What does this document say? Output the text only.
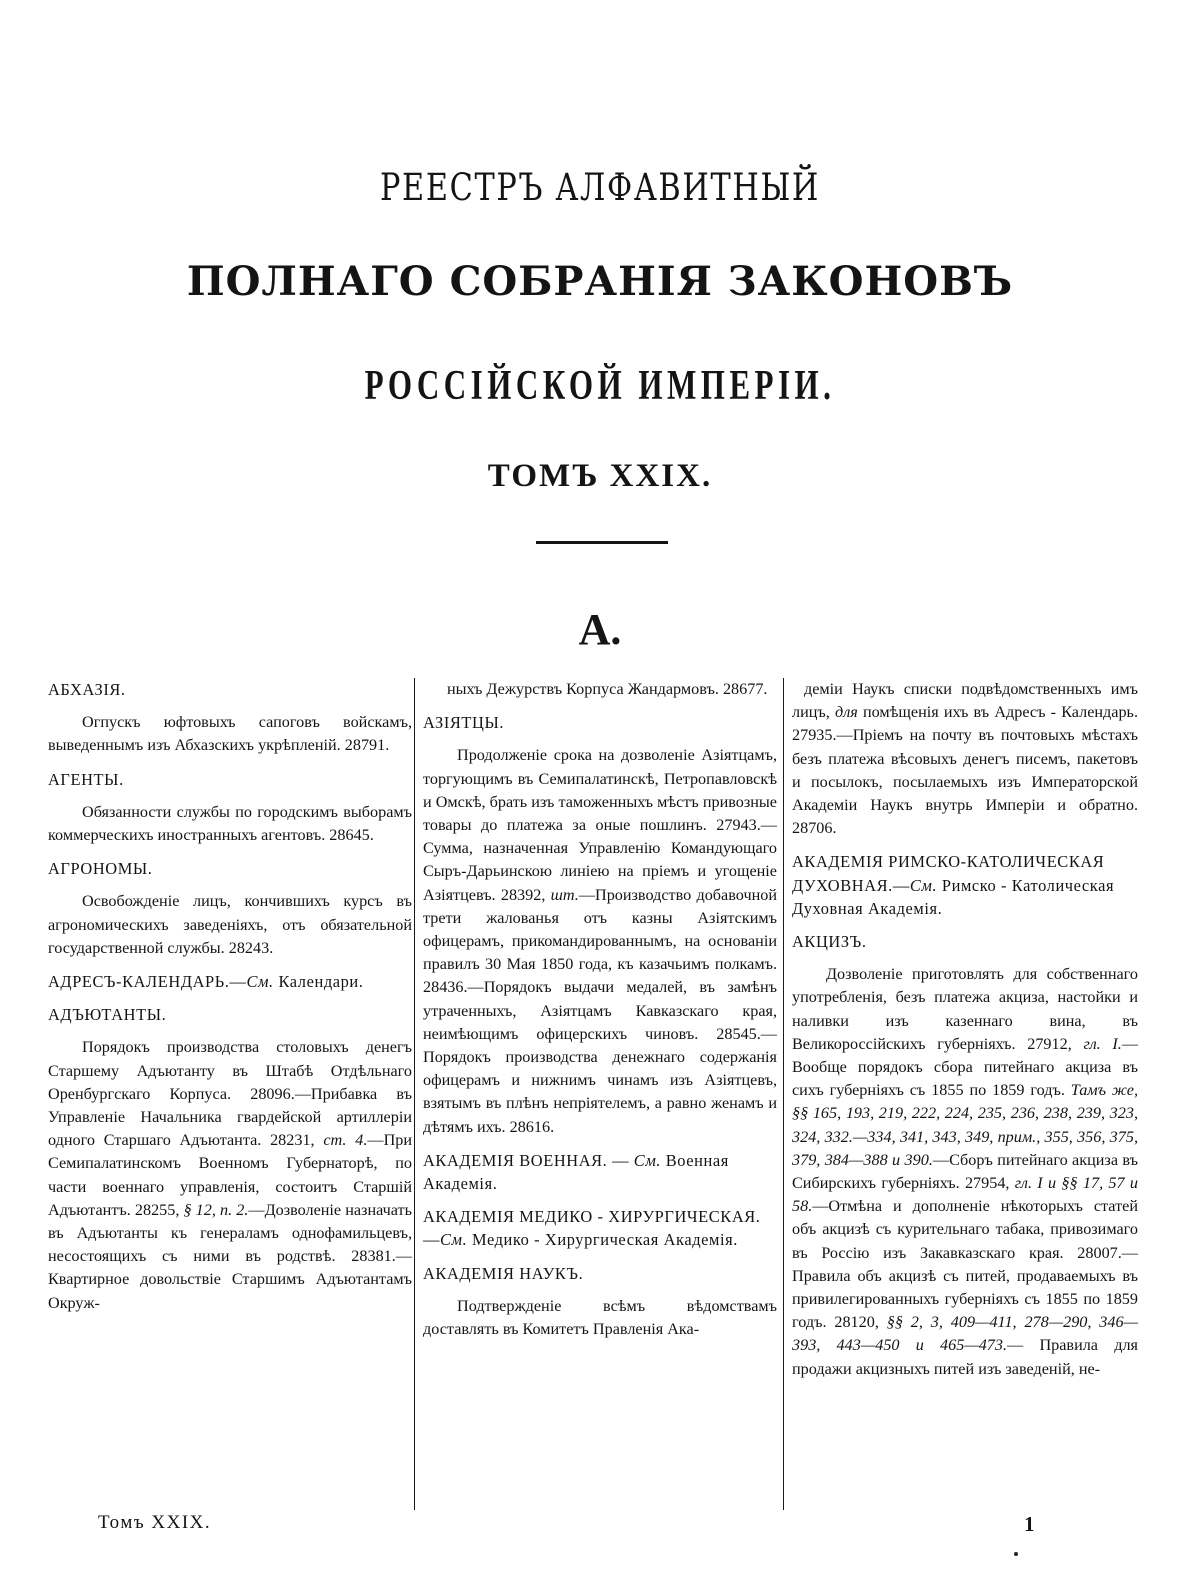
РЕЕСТРЪ АЛФАВИТНЫЙ
ПОЛНАГО СОБРАНІЯ ЗАКОНОВЪ
РОССІЙСКОЙ ИМПЕРІИ.
ТОМЪ XXIX.
А.
АБХАЗІЯ.

Огпускъ юфтовыхъ сапоговъ войскамъ, выведеннымъ изъ Абхазскихъ укрѣпленій. 28791.

АГЕНТЫ.

Обязанности службы по городскимъ выборамъ коммерческихъ иностранныхъ агентовъ. 28645.

АГРОНОМЫ.

Освобожденіе лицъ, кончившихъ курсъ въ агрономическихъ заведеніяхъ, отъ обязательной государственной службы. 28243.

АДРЕСЪ-КАЛЕНДАРЬ.—См. Календари.
АДЪЮТАНТЫ.

Порядокъ производства столовыхъ денегъ Старшему Адъютанту въ Штабѣ Отдѣльнаго Оренбургскаго Корпуса. 28096.—Прибавка въ Управленіе Начальника гвардейской артиллеріи одного Старшаго Адъютанта. 28231, ст. 4.—При Семипалатинскомъ Военномъ Губернаторѣ, по части военнаго управленія, состоитъ Старшій Адъютантъ. 28255, § 12, п. 2.—Дозволеніе назначать въ Адъютанты къ генераламъ однофамильцевъ, несостоящихъ съ ними въ родствѣ. 28381.—Квартирное довольствіе Старшимъ Адъютантамъ Окруж-

ныхъ Дежурствъ Корпуса Жандармовъ. 28677.

АЗІЯТЦЫ.

Продолженіе срока на дозволеніе Азіятцамъ, торгующимъ въ Семипалатинскѣ, Петропавловскѣ и Омскѣ, брать изъ таможенныхъ мѣстъ привозные товары до платежа за оные пошлинъ. 27943.—Сумма, назначенная Управленію Командующаго Сыръ-Дарьинскою линіею на пріемъ и угощеніе Азіятцевъ. 28392, шт.—Производство добавочной трети жалованья отъ казны Азіятскимъ офицерамъ, прикомандированнымъ, на основаніи правилъ 30 Мая 1850 года, къ казачьимъ полкамъ. 28436.—Порядокъ выдачи медалей, въ замѣнъ утраченныхъ, Азіятцамъ Кавказскаго края, неимѣющимъ офицерскихъ чиновъ. 28545.—Порядокъ производства денежнаго содержанія офицерамъ и нижнимъ чинамъ изъ Азіятцевъ, взятымъ въ плѣнъ непріятелемъ, а равно женамъ и дѣтямъ ихъ. 28616.

АКАДЕМІЯ ВОЕННАЯ. — См. Военная Академія.
АКАДЕМІЯ МЕДИКО - ХИРУРГИЧЕСКАЯ.—См. Медико - Хирургическая Академія.
АКАДЕМІЯ НАУКЪ.

Подтвержденіе всѣмъ вѣдомствамъ доставлять въ Комитетъ Правленія Ака-

деміи Наукъ списки подвѣдомственныхъ имъ лицъ, для помѣщенія ихъ въ Адресъ - Календарь. 27935.—Пріемъ на почту въ почтовыхъ мѣстахъ безъ платежа вѣсовыхъ денегъ писемъ, пакетовъ и посылокъ, посылаемыхъ изъ Императорской Академіи Наукъ внутрь Имперіи и обратно. 28706.

АКАДЕМІЯ РИМСКО-КАТОЛИЧЕСКАЯ ДУХОВНАЯ.—См. Римско - Католическая Духовная Академія.
АКЦИЗЪ.

Дозволеніе приготовлять для собственнаго употребленія, безъ платежа акциза, настойки и наливки изъ казеннаго вина, въ Великороссійскихъ губерніяхъ. 27912, гл. I.—Вообще порядокъ сбора питейнаго акциза въ сихъ губерніяхъ съ 1855 по 1859 годъ. Тамъ же, §§ 165, 193, 219, 222, 224, 235, 236, 238, 239, 323, 324, 332.—334, 341, 343, 349, прим., 355, 356, 375, 379, 384—388 и 390.—Сборъ питейнаго акциза въ Сибирскихъ губерніяхъ. 27954, гл. I и §§ 17, 57 и 58.—Отмѣна и дополненіе нѣкоторыхъ статей объ акцизѣ съ курительнаго табака, привозимаго въ Россію изъ Закавказскаго края. 28007.—Правила объ акцизѣ съ питей, продаваемыхъ въ привилегированныхъ губерніяхъ съ 1855 по 1859 годъ. 28120, §§ 2, 3, 409—411, 278—290, 346—393, 443—450 и 465—473.— Правила для продажи акцизныхъ питей изъ заведеній, не-

Томъ XXIX.	1
